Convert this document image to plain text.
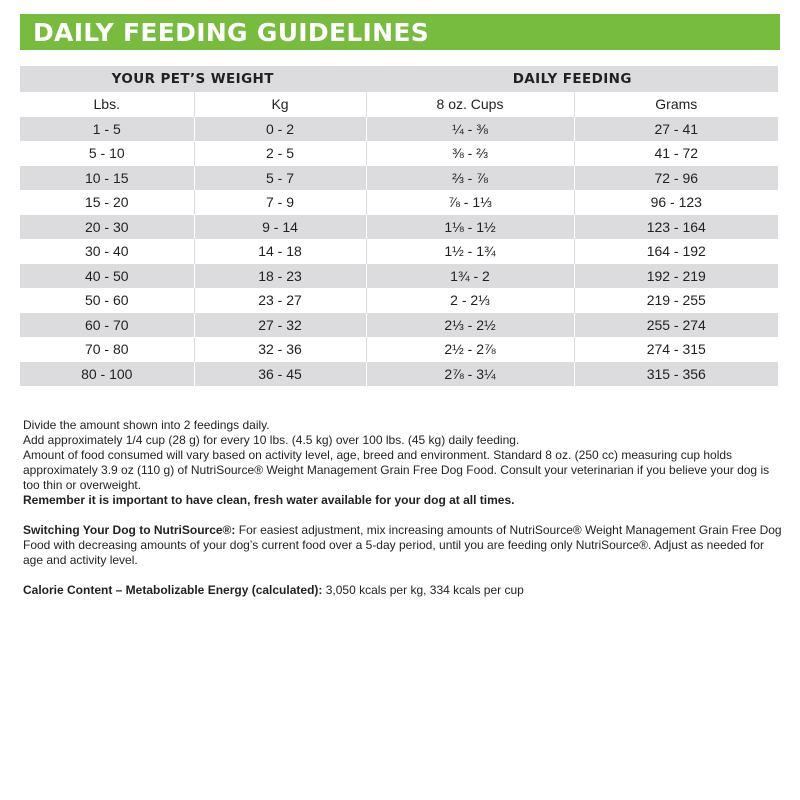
DAILY FEEDING GUIDELINES
YOUR PET’S WEIGHT		DAILY FEEDING	
Lbs.	Kg	8 oz. Cups	Grams
1 - 5	0 - 2	¼ - ⅜	27 - 41
5 - 10	2 - 5	⅜ - ⅔	41 - 72
10 - 15	5 - 7	⅔ - ⅞	72 - 96
15 - 20	7 - 9	⅞ - 1⅓	96 - 123
20 - 30	9 - 14	1⅛ - 1½	123 - 164
30 - 40	14 - 18	1½ - 1¾	164 - 192
40 - 50	18 - 23	1¾ - 2	192 - 219
50 - 60	23 - 27	2 - 2⅓	219 - 255
60 - 70	27 - 32	2⅓ - 2½	255 - 274
70 - 80	32 - 36	2½ - 2⅞	274 - 315
80 - 100	36 - 45	2⅞ - 3¼	315 - 356

Divide the amount shown into 2 feedings daily.

Add approximately 1/4 cup (28 g) for every 10 lbs. (4.5 kg) over 100 lbs. (45 kg) daily feeding.

Amount of food consumed will vary based on activity level, age, breed and environment. Standard 8 oz. (250 cc) measuring cup holds approximately 3.9 oz (110 g) of NutriSource® Weight Management Grain Free Dog Food. Consult your veterinarian if you believe your dog is too thin or overweight.

Remember it is important to have clean, fresh water available for your dog at all times.

Switching Your Dog to NutriSource®: For easiest adjustment, mix increasing amounts of NutriSource® Weight Management Grain Free Dog Food with decreasing amounts of your dog’s current food over a 5-day period, until you are feeding only NutriSource®. Adjust as needed for age and activity level.

Calorie Content – Metabolizable Energy (calculated): 3,050 kcals per kg, 334 kcals per cup
